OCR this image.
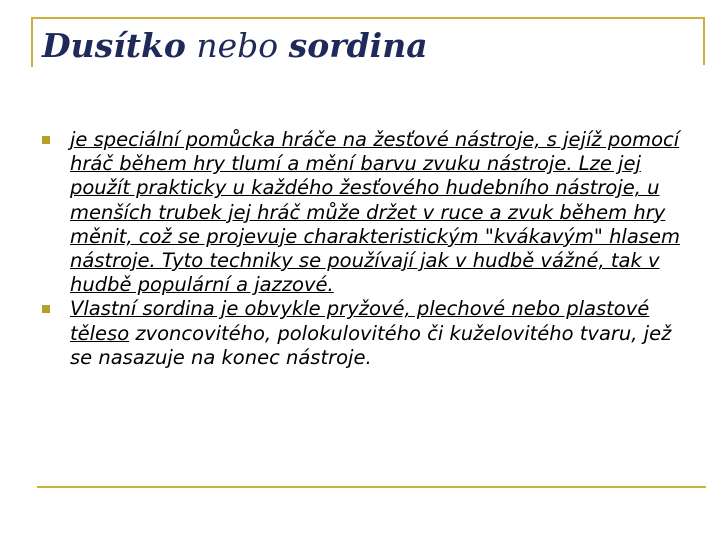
Dusítko nebo sordina
je speciální pomůcka hráče na žesťové nástroje, s jejíž pomocí hráč během hry tlumí a mění barvu zvuku nástroje. Lze jej použít prakticky u každého žesťového hudebního nástroje, u menších trubek jej hráč může držet v ruce a zvuk během hry měnit, což se projevuje charakteristickým "kvákavým" hlasem nástroje. Tyto techniky se používají jak v hudbě vážné, tak v hudbě populární a jazzové.
Vlastní sordina je obvykle pryžové, plechové nebo plastové těleso zvoncovitého, polokulovitého či kuželovitého tvaru, jež se nasazuje na konec nástroje.
